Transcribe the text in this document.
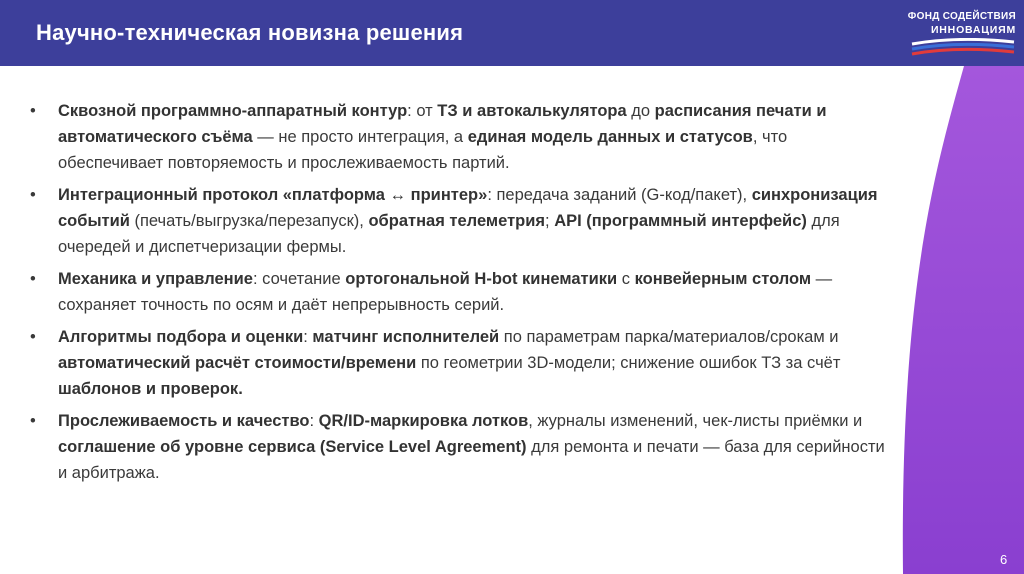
Научно-техническая новизна решения
ФОНД СОДЕЙСТВИЯ
ИННОВАЦИЯМ
• Сквозной программно-аппаратный контур: от ТЗ и автокалькулятора до расписания печати и автоматического съёма — не просто интеграция, а единая модель данных и статусов, что обеспечивает повторяемость и прослеживаемость партий.
• Интеграционный протокол «платформа ↔ принтер»: передача заданий (G-код/пакет), синхронизация событий (печать/выгрузка/перезапуск), обратная телеметрия; API (программный интерфейс) для очередей и диспетчеризации фермы.
• Механика и управление: сочетание ортогональной H-bot кинематики с конвейерным столом — сохраняет точность по осям и даёт непрерывность серий.
• Алгоритмы подбора и оценки: матчинг исполнителей по параметрам парка/материалов/срокам и автоматический расчёт стоимости/времени по геометрии 3D-модели; снижение ошибок ТЗ за счёт шаблонов и проверок.
• Прослеживаемость и качество: QR/ID-маркировка лотков, журналы изменений, чек-листы приёмки и соглашение об уровне сервиса (Service Level Agreement) для ремонта и печати — база для серийности и арбитража.
6
